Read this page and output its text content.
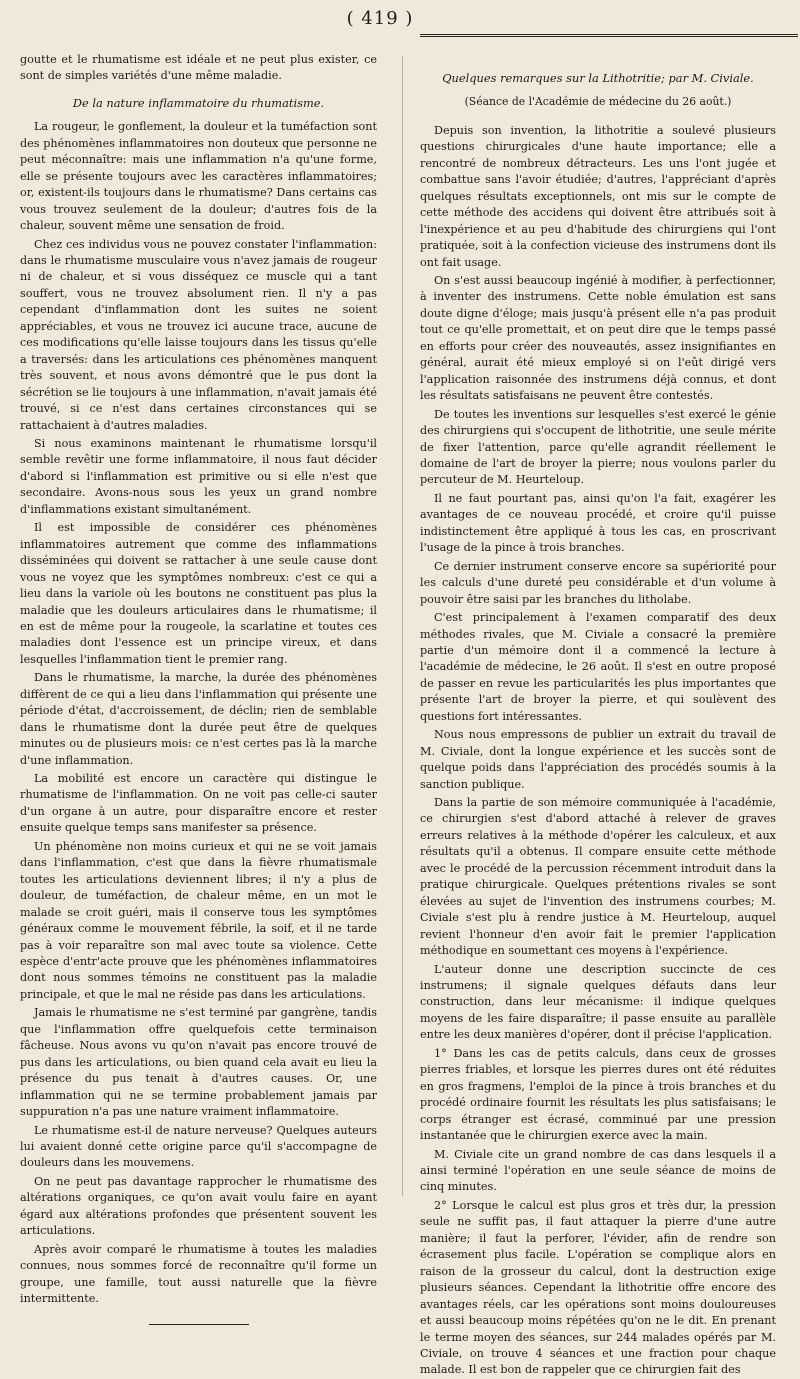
( 419 )

goutte et le rhumatisme est idéale et ne peut plus exister, ce sont de simples variétés d'une même maladie.

De la nature inflammatoire du rhumatisme.

La rougeur, le gonflement, la douleur et la tuméfaction sont des phénomènes inflammatoires non douteux que personne ne peut méconnaître: mais une inflammation n'a qu'une forme, elle se présente toujours avec les caractères inflammatoires; or, existent-ils toujours dans le rhumatisme? Dans certains cas vous trouvez seulement de la douleur; d'autres fois de la chaleur, souvent même une sensation de froid.

Chez ces individus vous ne pouvez constater l'inflammation: dans le rhumatisme musculaire vous n'avez jamais de rougeur ni de chaleur, et si vous disséquez ce muscle qui a tant souffert, vous ne trouvez absolument rien. Il n'y a pas cependant d'inflammation dont les suites ne soient appréciables, et vous ne trouvez ici aucune trace, aucune de ces modifications qu'elle laisse toujours dans les tissus qu'elle a traversés: dans les articulations ces phénomènes manquent très souvent, et nous avons démontré que le pus dont la sécrétion se lie toujours à une inflammation, n'avait jamais été trouvé, si ce n'est dans certaines circonstances qui se rattachaient à d'autres maladies.

Si nous examinons maintenant le rhumatisme lorsqu'il semble revêtir une forme inflammatoire, il nous faut décider d'abord si l'inflammation est primitive ou si elle n'est que secondaire. Avons-nous sous les yeux un grand nombre d'inflammations existant simultanément.

Il est impossible de considérer ces phénomènes inflammatoires autrement que comme des inflammations disséminées qui doivent se rattacher à une seule cause dont vous ne voyez que les symptômes nombreux: c'est ce qui a lieu dans la variole où les boutons ne constituent pas plus la maladie que les douleurs articulaires dans le rhumatisme; il en est de même pour la rougeole, la scarlatine et toutes ces maladies dont l'essence est un principe vireux, et dans lesquelles l'inflammation tient le premier rang.

Dans le rhumatisme, la marche, la durée des phénomènes diffèrent de ce qui a lieu dans l'inflammation qui présente une période d'état, d'accroissement, de déclin; rien de semblable dans le rhumatisme dont la durée peut être de quelques minutes ou de plusieurs mois: ce n'est certes pas là la marche d'une inflammation.

La mobilité est encore un caractère qui distingue le rhumatisme de l'inflammation. On ne voit pas celle-ci sauter d'un organe à un autre, pour disparaître encore et rester ensuite quelque temps sans manifester sa présence.

Un phénomène non moins curieux et qui ne se voit jamais dans l'inflammation, c'est que dans la fièvre rhumatismale toutes les articulations deviennent libres; il n'y a plus de douleur, de tuméfaction, de chaleur même, en un mot le malade se croit guéri, mais il conserve tous les symptômes généraux comme le mouvement fébrile, la soif, et il ne tarde pas à voir reparaître son mal avec toute sa violence. Cette espèce d'entr'acte prouve que les phénomènes inflammatoires dont nous sommes témoins ne constituent pas la maladie principale, et que le mal ne réside pas dans les articulations.

Jamais le rhumatisme ne s'est terminé par gangrène, tandis que l'inflammation offre quelquefois cette terminaison fâcheuse. Nous avons vu qu'on n'avait pas encore trouvé de pus dans les articulations, ou bien quand cela avait eu lieu la présence du pus tenait à d'autres causes. Or, une inflammation qui ne se termine probablement jamais par suppuration n'a pas une nature vraiment inflammatoire.

Le rhumatisme est-il de nature nerveuse? Quelques auteurs lui avaient donné cette origine parce qu'il s'accompagne de douleurs dans les mouvemens.

On ne peut pas davantage rapprocher le rhumatisme des altérations organiques, ce qu'on avait voulu faire en ayant égard aux altérations profondes que présentent souvent les articulations.

Après avoir comparé le rhumatisme à toutes les maladies connues, nous sommes forcé de reconnaître qu'il forme un groupe, une famille, tout aussi naturelle que la fièvre intermittente.

Quelques remarques sur la Lithotritie; par M. Civiale.

(Séance de l'Académie de médecine du 26 août.)

Depuis son invention, la lithotritie a soulevé plusieurs questions chirurgicales d'une haute importance; elle a rencontré de nombreux détracteurs. Les uns l'ont jugée et combattue sans l'avoir étudiée; d'autres, l'appréciant d'après quelques résultats exceptionnels, ont mis sur le compte de cette méthode des accidens qui doivent être attribués soit à l'inexpérience et au peu d'habitude des chirurgiens qui l'ont pratiquée, soit à la confection vicieuse des instrumens dont ils ont fait usage.

On s'est aussi beaucoup ingénié à modifier, à perfectionner, à inventer des instrumens. Cette noble émulation est sans doute digne d'éloge; mais jusqu'à présent elle n'a pas produit tout ce qu'elle promettait, et on peut dire que le temps passé en efforts pour créer des nouveautés, assez insignifiantes en général, aurait été mieux employé si on l'eût dirigé vers l'application raisonnée des instrumens déjà connus, et dont les résultats satisfaisans ne peuvent être contestés.

De toutes les inventions sur lesquelles s'est exercé le génie des chirurgiens qui s'occupent de lithotritie, une seule mérite de fixer l'attention, parce qu'elle agrandit réellement le domaine de l'art de broyer la pierre; nous voulons parler du percuteur de M. Heurteloup.

Il ne faut pourtant pas, ainsi qu'on l'a fait, exagérer les avantages de ce nouveau procédé, et croire qu'il puisse indistinctement être appliqué à tous les cas, en proscrivant l'usage de la pince à trois branches.

Ce dernier instrument conserve encore sa supériorité pour les calculs d'une dureté peu considérable et d'un volume à pouvoir être saisi par les branches du litholabe.

C'est principalement à l'examen comparatif des deux méthodes rivales, que M. Civiale a consacré la première partie d'un mémoire dont il a commencé la lecture à l'académie de médecine, le 26 août. Il s'est en outre proposé de passer en revue les particularités les plus importantes que présente l'art de broyer la pierre, et qui soulèvent des questions fort intéressantes.

Nous nous empressons de publier un extrait du travail de M. Civiale, dont la longue expérience et les succès sont de quelque poids dans l'appréciation des procédés soumis à la sanction publique.

Dans la partie de son mémoire communiquée à l'académie, ce chirurgien s'est d'abord attaché à relever de graves erreurs relatives à la méthode d'opérer les calculeux, et aux résultats qu'il a obtenus. Il compare ensuite cette méthode avec le procédé de la percussion récemment introduit dans la pratique chirurgicale. Quelques prétentions rivales se sont élevées au sujet de l'invention des instrumens courbes; M. Civiale s'est plu à rendre justice à M. Heurteloup, auquel revient l'honneur d'en avoir fait le premier l'application méthodique en soumettant ces moyens à l'expérience.

L'auteur donne une description succincte de ces instrumens; il signale quelques défauts dans leur construction, dans leur mécanisme: il indique quelques moyens de les faire disparaître; il passe ensuite au parallèle entre les deux manières d'opérer, dont il précise l'application.

1° Dans les cas de petits calculs, dans ceux de grosses pierres friables, et lorsque les pierres dures ont été réduites en gros fragmens, l'emploi de la pince à trois branches et du procédé ordinaire fournit les résultats les plus satisfaisans; le corps étranger est écrasé, comminué par une pression instantanée que le chirurgien exerce avec la main.

M. Civiale cite un grand nombre de cas dans lesquels il a ainsi terminé l'opération en une seule séance de moins de cinq minutes.

2° Lorsque le calcul est plus gros et très dur, la pression seule ne suffit pas, il faut attaquer la pierre d'une autre manière; il faut la perforer, l'évider, afin de rendre son écrasement plus facile. L'opération se complique alors en raison de la grosseur du calcul, dont la destruction exige plusieurs séances. Cependant la lithotritie offre encore des avantages réels, car les opérations sont moins douloureuses et aussi beaucoup moins répétées qu'on ne le dit. En prenant le terme moyen des séances, sur 244 malades opérés par M. Civiale, on trouve 4 séances et une fraction pour chaque malade. Il est bon de rappeler que ce chirurgien fait des
